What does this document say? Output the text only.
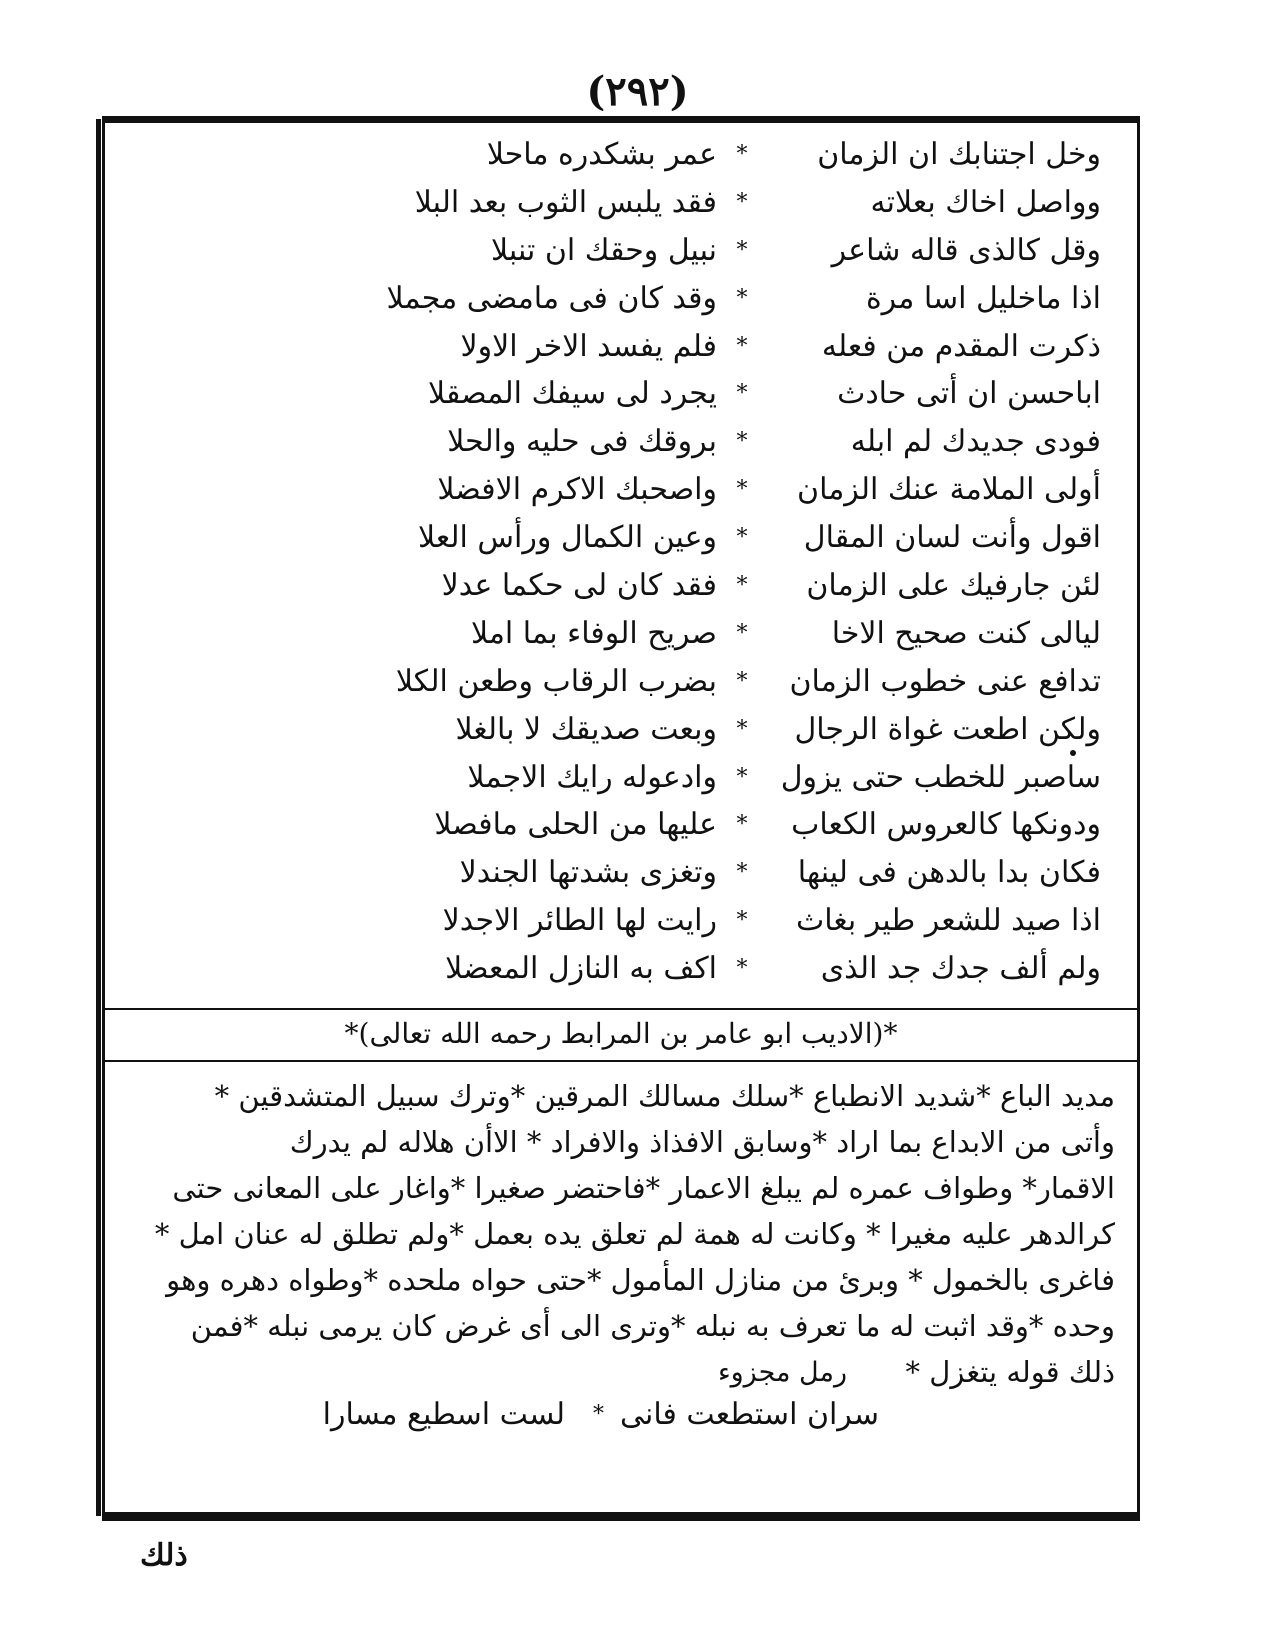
(٢٩٢)
وخل اجتنابك ان الزمان
*
عمر بشكدره ماحلا
وواصل اخاك بعلاته
*
فقد يلبس الثوب بعد البلا
وقل كالذى قاله شاعر
*
نبيل وحقك ان تنبلا
اذا ماخليل اسا مرة
*
وقد كان فى مامضى مجملا
ذكرت المقدم من فعله
*
فلم يفسد الاخر الاولا
اباحسن ان أتى حادث
*
يجرد لى سيفك المصقلا
فودى جديدك لم ابله
*
بروقك فى حليه والحلا
أولى الملامة عنك الزمان
*
واصحبك الاكرم الافضلا
اقول وأنت لسان المقال
*
وعين الكمال ورأس العلا
لئن جارفيك على الزمان
*
فقد كان لى حكما عدلا
ليالى كنت صحيح الاخا
*
صريح الوفاء بما املا
تدافع عنى خطوب الزمان
*
بضرب الرقاب وطعن الكلا
ولكن اطعت غواة الرجال
*
وبعت صديقك لا بالغلا
ساصبر للخطب حتى يزول
*
وادعوله رايك الاجملا
ودونكها كالعروس الكعاب
*
عليها من الحلى مافصلا
فكان بدا بالدهن فى لينها
*
وتغزى بشدتها الجندلا
اذا صيد للشعر طير بغاث
*
رايت لها الطائر الاجدلا
ولم ألف جدك جد الذى
*
اكف به النازل المعضلا
*(الاديب ابو عامر بن المرابط رحمه الله تعالى)*

مديد الباع *شديد الانطباع *سلك مسالك المرقين *وترك سبيل المتشدقين *

وأتى من الابداع بما اراد *وسابق الافذاذ والافراد * الاأن هلاله لم يدرك

الاقمار* وطواف عمره لم يبلغ الاعمار *فاحتضر صغيرا *واغار على المعانى حتى

كرالدهر عليه مغيرا * وكانت له همة لم تعلق يده بعمل *ولم تطلق له عنان امل *

فاغرى بالخمول * وبرئ من منازل المأمول *حتى حواه ملحده *وطواه دهره وهو

وحده *وقد اثبت له ما تعرف به نبله *وترى الى أى غرض كان يرمى نبله *فمن

ذلك قوله يتغزل *

رمل مجزوء
سران استطعت فانى
*
لست اسطيع مسارا
ذلك
